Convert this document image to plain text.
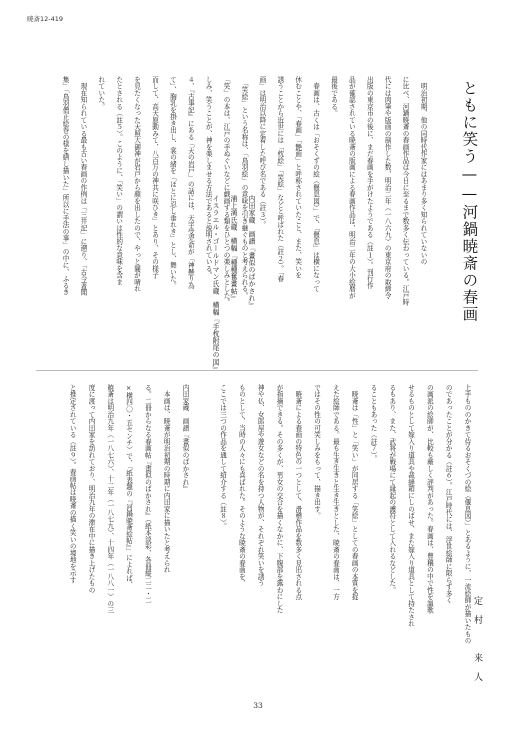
暁斎12-419
　明治初期、他の同時代作家にはあまり多く知られていないの
に比べ、河鍋暁斎の春画作品は今日に至るまで数多く伝わっている。江戸時
代には肉筆や版画の制作した数、明治二年（一八六九）の東京府の取締令
出版の東京市の後に、まだ春画を手がけたようである（註１）。刊行作
品が確認されている暁斎の版画による春画作品は、明治二年の大小絵暦が
最後である。
　春画は、古くは「おそくずの絵（偃息図）」で、「偃息」は横になって
休むことや、「春画」「艶画」と呼称されていたこと、また、笑いを
誘うことから近世には「枕絵」「笑絵」などと呼ばれた（註２）。「春
画」は明治以降に定着した呼び名である（註３）。
　「笑絵」という名称は、「鳥羽絵」の意味を引き継ぐものと考えられる。
「笑」の本は、江戸の手ぬぐいなどに戯画する類をひとつの楽しみとした。
しみ、笑うことが、神を楽しませる方法であると説明されている。
４、『古事記』にある「天の岩戸」の話には、天宇受売命が「神懸り為
て」、胸乳を掛き出し、裳の緒を「ほとに忍し垂れき」とし、舞いた。
而して、高天原動みて、八百万の神共に咲ひき」とあり、その様子
を見たくなった天照大御神が岩戸から顔を出したので、やっと闇が晴れ
たとされる（註５）。このように、「笑い」の謂いは性的な意味を含ま
れていた。
　現在知られている最も古い春画の作例は「三井記」に遡り、「古今著聞
集」「鳥羽僧正絵巻の様を繕し描いた」所以に手法の事」の中に、ふるき	ともに笑う——河鍋暁斎の春画
内田家蔵　画譜『畫似のばかされ』
浦上満氏蔵　横幅『種種奮畫帖』
イスラエル・ゴールドマン氏蔵　横幅『手枕附尾の図』
上手もののかきて侍るおそくづの絵（偃息図）」とあるように、一流絵師が描いたもの
のであったことが分かる（註６）。江戸時代には、浮世絵師に限らず多く
の画派の絵師が、比較も厳しく評判があった。春画は、豊穣の中で性を謳歌
せるものとして嫁入り道具や裁縫箱にしのばせ、また嫁入り道具として持たされ
るもあり、また、武将が戦場にて縁起の護符として入れるなどした。
ることもあった（註７）。
　暁斎は「性」と「笑い」が同居する「笑絵」としての春画の本質を捉
えた絵師である。最も生き生きと生き生きとした、暁斎の春画は、一方
ではその性の可笑しみをもって、描き出す。
　暁斎による春画の特色の一つとして、滑稽作品を数多く見出される点
が指摘できる。その多くが、男女の交合を描くなかに、下腹部を露わにした
神や仏、女郎屋や遊女などの名を持つ人物が、それぞれ笑いを誘う
ものとして、当時の人々にも喜ばれた。そのような暁斎の春画を、
ここでは三つの作品を通して紹介する（註８）。
内田家蔵　画譜『畫似のばかされ』
　本画は、暁斎が明治初期の時期に内田家に描いたと考えられ
る。二冊からなる春画帖『畫似のばかされ』（紙本淡彩、各冊縦二二・二
×横四〇・五センチ）で、「紙表題の『河鍋暁斎絵帖』」によれば、
暁斎は明治九年（一八七六）、十二年（一八七九）、十四年（一八八一）の三
度に渡って内田家を訪れており、明治九年の滞在中に描き上げたもの
と推定されている（註９）。春画帖は暁斎の描く笑いの境地を示す
定村　来人
33
